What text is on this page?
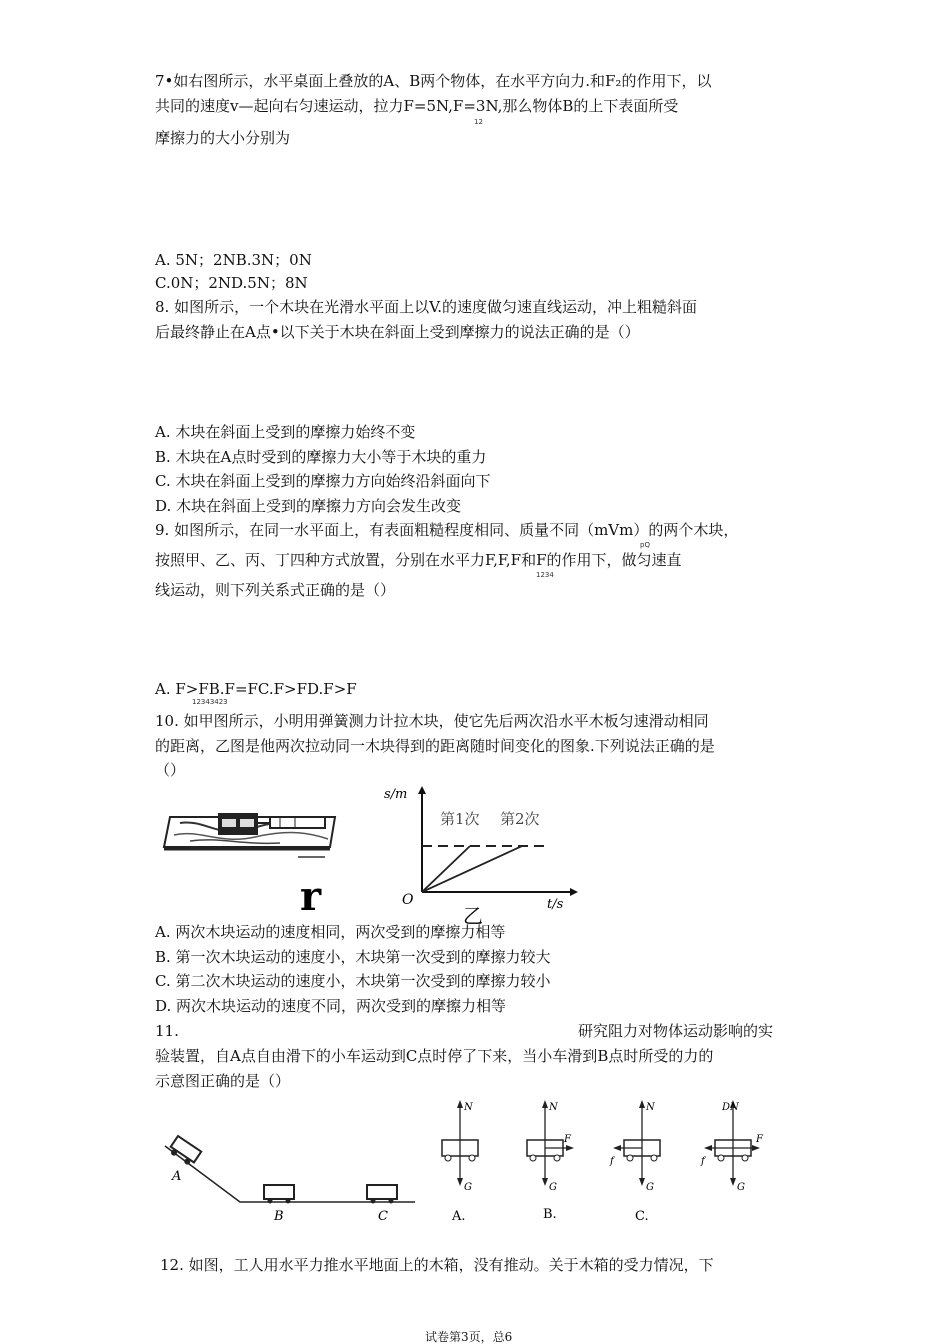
7•如右图所示，水平桌面上叠放的A、B两个物体，在水平方向力.和F₂的作用下，以
共同的速度v—起向右匀速运动，拉力F=5N,F=3N,那么物体B的上下表面所受
12
摩擦力的大小分别为
A. 5N；2NB.3N；0N
C.0N；2ND.5N；8N
8. 如图所示，一个木块在光滑水平面上以V.的速度做匀速直线运动，冲上粗糙斜面
后最终静止在A点•以下关于木块在斜面上受到摩擦力的说法正确的是（）
A. 木块在斜面上受到的摩擦力始终不变
B. 木块在A点时受到的摩擦力大小等于木块的重力
C. 木块在斜面上受到的摩擦力方向始终沿斜面向下
D. 木块在斜面上受到的摩擦力方向会发生改变
9. 如图所示，在同一水平面上，有表面粗糙程度相同、质量不同（mVm）的两个木块，
pQ
按照甲、乙、丙、丁四种方式放置，分别在水平力F,F,F和F的作用下，做匀速直
1234
线运动，则下列关系式正确的是（）
A. F>FB.F=FC.F>FD.F>F
12343423
10. 如甲图所示，小明用弹簧测力计拉木块，使它先后两次沿水平木板匀速滑动相同
的距离，乙图是他两次拉动同一木块得到的距离随时间变化的图象.下列说法正确的是
（）
r
s/m
t/s
O
第1次 第2次
乙
A. 两次木块运动的速度相同，两次受到的摩擦力相等
B. 第一次木块运动的速度小，木块第一次受到的摩擦力较大
C. 第二次木块运动的速度小，木块第一次受到的摩擦力较小
D. 两次木块运动的速度不同，两次受到的摩擦力相等
11.	研究阻力对物体运动影响的实
验装置，自A点自由滑下的小车运动到C点时停了下来，当小车滑到B点时所受的力的
示意图正确的是（）
A
B	C
N
G
A.
N
F
G
B.
N
f
G
C.
DN
f
F
G
12. 如图，工人用水平力推水平地面上的木箱，没有推动。关于木箱的受力情况，下
试卷第3页，总6
